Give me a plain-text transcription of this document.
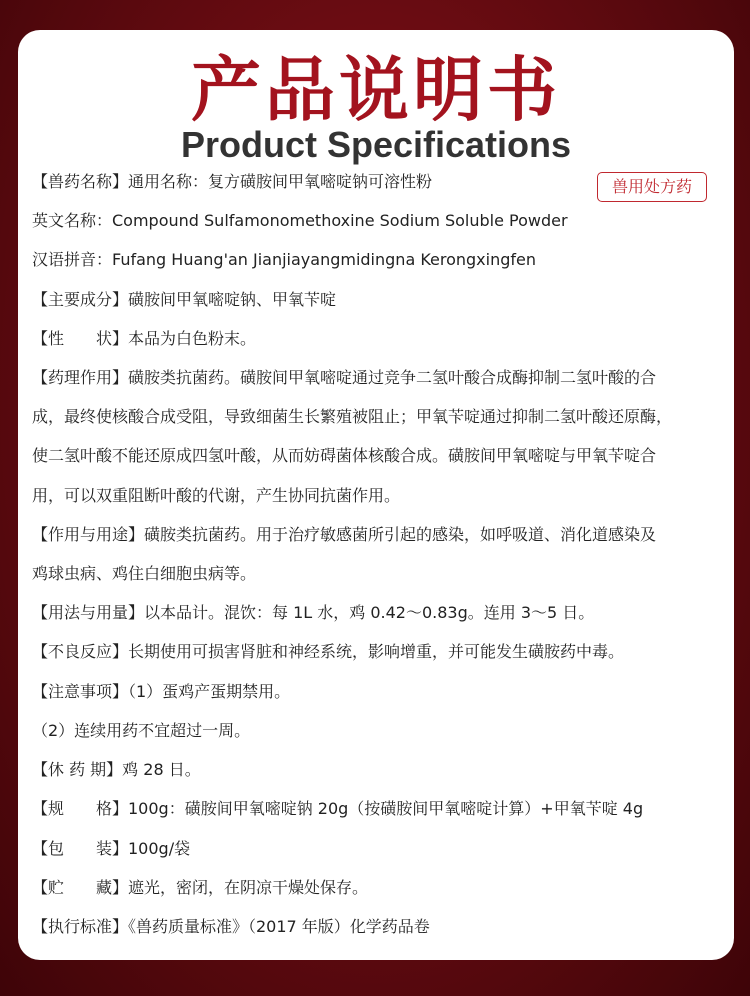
产品说明书
Product Specifications
兽用处方药
【兽药名称】通用名称：复方磺胺间甲氧嘧啶钠可溶性粉
英文名称：Compound Sulfamonomethoxine Sodium Soluble Powder
汉语拼音：Fufang Huang'an Jianjiayangmidingna Kerongxingfen
【主要成分】磺胺间甲氧嘧啶钠、甲氧苄啶
【性　　状】本品为白色粉末。
【药理作用】磺胺类抗菌药。磺胺间甲氧嘧啶通过竞争二氢叶酸合成酶抑制二氢叶酸的合
成，最终使核酸合成受阻，导致细菌生长繁殖被阻止；甲氧苄啶通过抑制二氢叶酸还原酶，
使二氢叶酸不能还原成四氢叶酸，从而妨碍菌体核酸合成。磺胺间甲氧嘧啶与甲氧苄啶合
用，可以双重阻断叶酸的代谢，产生协同抗菌作用。
【作用与用途】磺胺类抗菌药。用于治疗敏感菌所引起的感染，如呼吸道、消化道感染及
鸡球虫病、鸡住白细胞虫病等。
【用法与用量】以本品计。混饮：每 1L 水，鸡 0.42～0.83g。连用 3～5 日。
【不良反应】长期使用可损害肾脏和神经系统，影响增重，并可能发生磺胺药中毒。
【注意事项】（1）蛋鸡产蛋期禁用。
（2）连续用药不宜超过一周。
【休 药 期】鸡 28 日。
【规　　格】100g：磺胺间甲氧嘧啶钠 20g（按磺胺间甲氧嘧啶计算）+甲氧苄啶 4g
【包　　装】100g/袋
【贮　　藏】遮光，密闭，在阴凉干燥处保存。
【执行标准】《兽药质量标准》（2017 年版）化学药品卷
